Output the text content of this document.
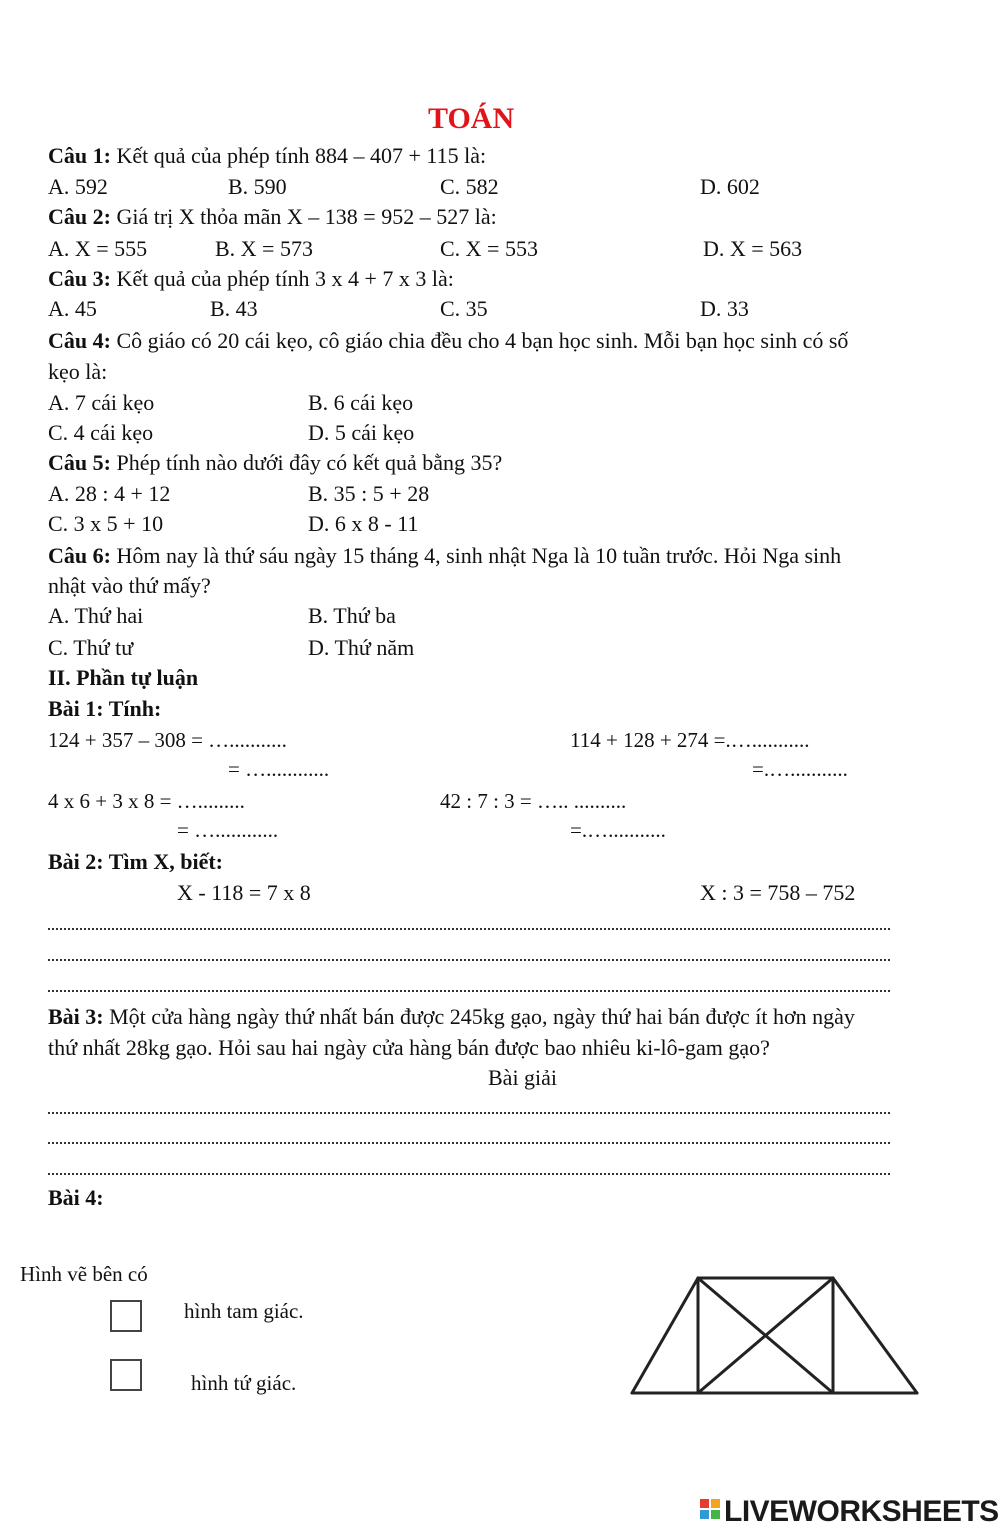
TOÁN
Câu 1: Kết quả của phép tính 884 – 407 + 115 là:
A. 592	B. 590	C. 582	D. 602
Câu 2: Giá trị X thỏa mãn X – 138 = 952 – 527 là:
A. X = 555	B. X = 573	C. X = 553	D. X = 563
Câu 3: Kết quả của phép tính 3 x 4 + 7 x 3 là:
A. 45	B. 43	C. 35	D. 33
Câu 4: Cô giáo có 20 cái kẹo, cô giáo chia đều cho 4 bạn học sinh. Mỗi bạn học sinh có số
kẹo là:
A. 7 cái kẹo	B. 6 cái kẹo
C. 4 cái kẹo	D. 5 cái kẹo
Câu 5: Phép tính nào dưới đây có kết quả bằng 35?
A. 28 : 4 + 12	B. 35 : 5 + 28
C. 3 x 5 + 10	D. 6 x 8 - 11
Câu 6: Hôm nay là thứ sáu ngày 15 tháng 4, sinh nhật Nga là 10 tuần trước. Hỏi Nga sinh
nhật vào thứ mấy?
A. Thứ hai	B. Thứ ba
C. Thứ tư	D. Thứ năm
II. Phần tự luận
Bài 1: Tính:
124 + 357 – 308 = …...........
= …............
114 + 128 + 274 =.…...........
=.…...........
4 x 6 + 3 x 8 = ….........
= …............
42 : 7 : 3 = ….. ..........
=.…...........
Bài 2: Tìm X, biết:
X - 118 = 7 x 8	X : 3 = 758 – 752
Bài 3: Một cửa hàng ngày thứ nhất bán được 245kg gạo, ngày thứ hai bán được ít hơn ngày
thứ nhất 28kg gạo. Hỏi sau hai ngày cửa hàng bán được bao nhiêu ki-lô-gam gạo?
Bài giải
Bài 4:
Hình vẽ bên có
hình tam giác.
hình tứ giác.
LIVEWORKSHEETS
